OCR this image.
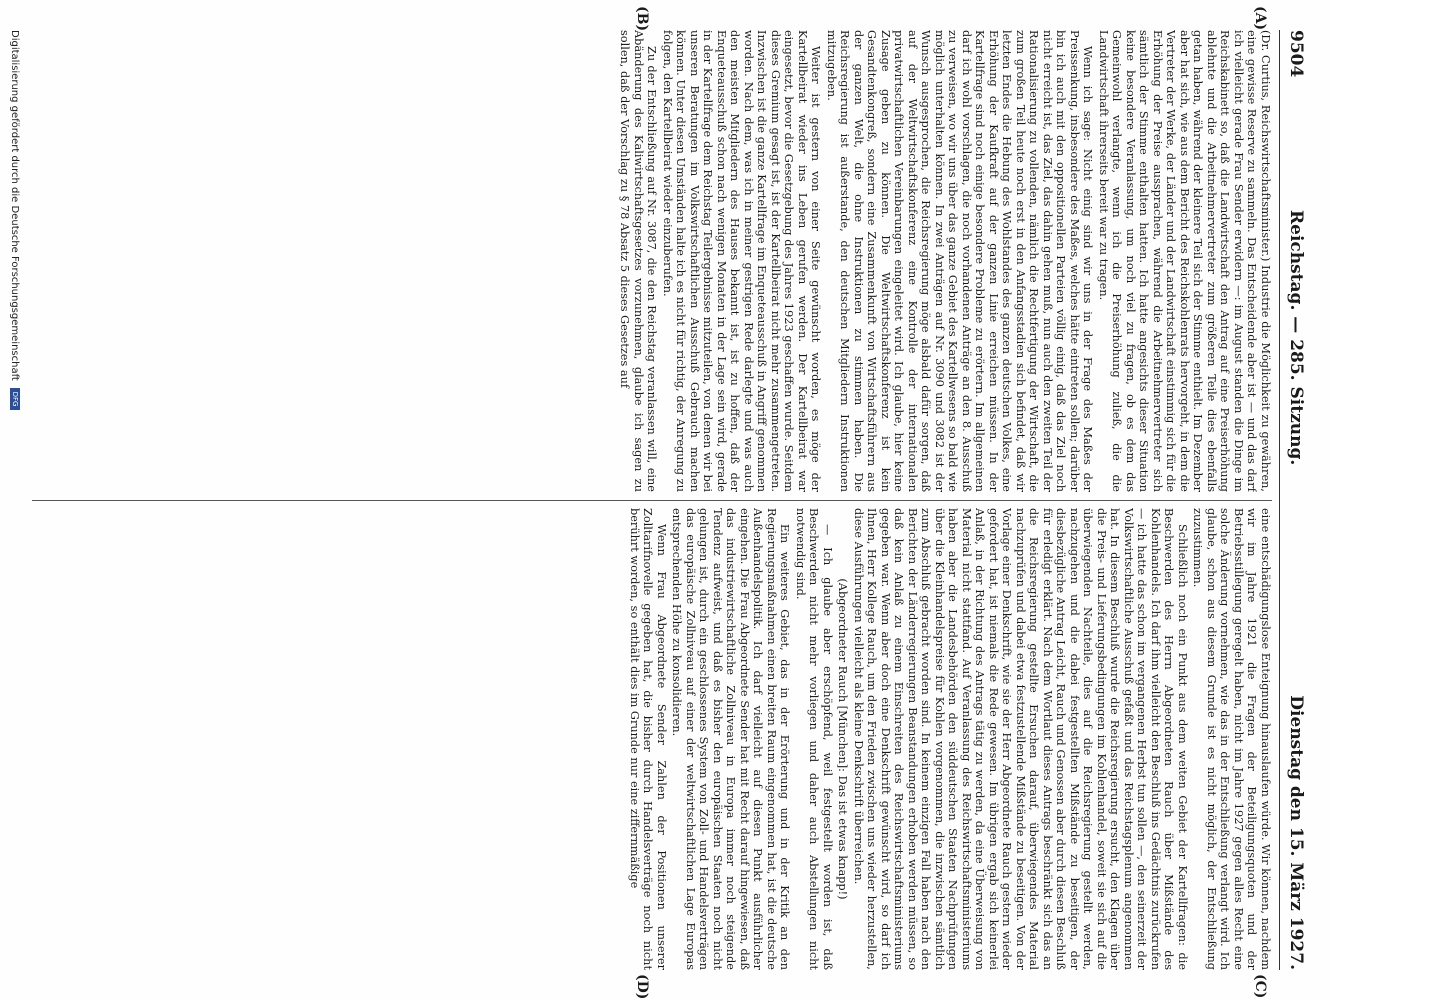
9504
Reichstag. — 285. Sitzung.
Dienstag den 15. März 1927.
(A)
(B)
(C)
(D)

(Dr. Curtius, Reichswirtschaftsminister.) Industrie die Möglichkeit zu gewähren, eine gewisse Reserve zu sammeln. Das Entscheidende aber ist — und das darf ich vielleicht gerade Frau Sender erwidern —: im August standen die Dinge im Reichskabinett so, daß die Landwirtschaft den Antrag auf eine Preiserhöhung ablehnte und die Arbeitnehmervertreter zum größeren Teile dies ebenfalls getan haben, während der kleinere Teil sich der Stimme enthielt. Im Dezember aber hat sich, wie aus dem Bericht des Reichskohlenrats hervorgeht, in dem die Vertreter der Werke, der Länder und der Landwirtschaft einstimmig sich für die Erhöhung der Preise aussprachen, während die Arbeitnehmervertreter sich sämtlich der Stimme enthalten hatten. Ich hatte angesichts dieser Situation keine besondere Veranlassung, um noch viel zu fragen, ob es dem das Gemeinwohl verlangte, wenn ich die Preiserhöhung zuließ, die die Landwirtschaft ihrerseits bereit war zu tragen.

Wenn ich sage: Nicht einig sind wir uns in der Frage des Maßes der Preissenkung, insbesondere des Maßes, welches hätte eintreten sollen; darüber bin ich auch mit den oppositionellen Parteien völlig einig, daß das Ziel noch nicht erreicht ist, das Ziel, das dahin gehen muß, nun auch den zweiten Teil der Rationalisierung zu vollenden, nämlich die Rechtfertigung der Wirtschaft, die zum großen Teil heute noch erst in den Anfangsstadien sich befindet, daß wir letzten Endes die Hebung des Wohlstandes des ganzen deutschen Volkes, eine Erhöhung der Kaufkraft auf der ganzen Linie erreichen müssen. In der Kartellfrage sind noch einige besondere Probleme zu erörtern. Im allgemeinen darf ich wohl vorschlagen, die noch vorhandenen Anträge an den 8. Ausschuß zu verweisen, wo wir uns über das ganze Gebiet des Kartellwesens so bald wie möglich unterhalten können. In zwei Anträgen auf Nr. 3090 und 3082 ist der Wunsch ausgesprochen, die Reichsregierung möge alsbald dafür sorgen, daß auf der Weltwirtschaftskonferenz eine Kontrolle der internationalen privatwirtschaftlichen Vereinbarungen eingeleitet wird. Ich glaube, hier keine Zusage geben zu können. Die Weltwirtschaftskonferenz ist kein Gesandtenkongreß, sondern eine Zusammenkunft von Wirtschaftsführern aus der ganzen Welt, die ohne Instruktionen zu stimmen haben. Die Reichsregierung ist außerstande, den deutschen Mitgliedern Instruktionen mitzugeben.

Weiter ist gestern von einer Seite gewünscht worden, es möge der Kartellbeirat wieder ins Leben gerufen werden. Der Kartellbeirat war eingesetzt, bevor die Gesetzgebung des Jahres 1923 geschaffen wurde. Seitdem dieses Gremium gesagt ist, ist der Kartellbeirat nicht mehr zusammengetreten. Inzwischen ist die ganze Kartellfrage im Enqueteausschuß in Angriff genommen worden. Nach dem, was ich in meiner gestrigen Rede darlegte und was auch den meisten Mitgliedern des Hauses bekannt ist, ist zu hoffen, daß der Enqueteausschuß schon nach wenigen Monaten in der Lage sein wird, gerade in der Kartellfrage dem Reichstag Teilergebnisse mitzuteilen, von denen wir bei unseren Beratungen im Volkswirtschaftlichen Ausschuß Gebrauch machen können. Unter diesen Umständen halte ich es nicht für richtig, der Anregung zu folgen, den Kartellbeirat wieder einzuberufen.

Zu der Entschließung auf Nr. 3087, die den Reichstag veranlassen will, eine Abänderung des Kaliwirtschaftsgesetzes vorzunehmen, glaube ich sagen zu sollen, daß der Vorschlag zu § 78 Absatz 5 dieses Gesetzes auf

eine entschädigungslose Enteignung hinauslaufen würde. Wir können, nachdem wir im Jahre 1921 die Fragen der Beteiligungsquoten und der Betriebsstillegung geregelt haben, nicht im Jahre 1927 gegen alles Recht eine solche Änderung vornehmen, wie das in der Entschließung verlangt wird. Ich glaube, schon aus diesem Grunde ist es nicht möglich, der Entschließung zuzustimmen.

Schließlich noch ein Punkt aus dem weiten Gebiet der Kartellfragen: die Beschwerden des Herrn Abgeordneten Rauch über Mißstände des Kohlenhandels. Ich darf ihm vielleicht den Beschluß ins Gedächtnis zurückrufen — ich hatte das schon im vergangenen Herbst tun sollen —, den seinerzeit der Volkswirtschaftliche Ausschuß gefaßt und das Reichstagsplenum angenommen hat. In diesem Beschluß wurde die Reichsregierung ersucht, den Klagen über die Preis- und Lieferungsbedingungen im Kohlenhandel, soweit sie sich auf die überwiegenden Nachteile, dies auf die Reichsregierung gestellt werden, nachzugehen und die dabei festgestellten Mißstände zu beseitigen, der diesbezügliche Antrag Leicht, Rauch und Genossen aber durch diesen Beschluß für erledigt erklärt. Nach dem Wortlaut dieses Antrags beschränkt sich das an die Reichsregierung gestellte Ersuchen darauf, überwiegendes Material nachzuprüfen und dabei etwa festzustellende Mißstände zu beseitigen. Von der Vorlage einer Denkschrift, wie sie der Herr Abgeordnete Rauch gestern wieder gefordert hat, ist niemals die Rede gewesen. Im übrigen ergab sich keinerlei Anlaß, in der Richtung des Antrags tätig zu werden, da eine Überweisung von Material nicht stattfand. Auf Veranlassung des Reichswirtschaftsministeriums haben aber die Landesbehörden den süddeutschen Staaten Nachprüfungen über die Kleinhandelspreise für Kohlen vorgenommen, die inzwischen sämtlich zum Abschluß gebracht worden sind. In keinem einzigen Fall haben nach den Berichten der Länderregierungen Beanstandungen erhoben werden müssen, so daß kein Anlaß zu einem Einschreiten des Reichswirtschaftsministeriums gegeben war. Wenn aber doch eine Denkschrift gewünscht wird, so darf ich Ihnen, Herr Kollege Rauch, um den Frieden zwischen uns wieder herzustellen, diese Ausführungen vielleicht als kleine Denkschrift überreichen.

(Abgeordneter Rauch [München]: Das ist etwas knapp!)

— Ich glaube aber erschöpfend, weil festgestellt worden ist, daß Beschwerden nicht mehr vorliegen und daher auch Abstellungen nicht notwendig sind.

Ein weiteres Gebiet, das in der Erörterung und in der Kritik an den Regierungsmaßnahmen einen breiten Raum eingenommen hat, ist die deutsche Außenhandelspolitik. Ich darf vielleicht auf diesen Punkt ausführlicher eingehen. Die Frau Abgeordnete Sender hat mit Recht darauf hingewiesen, daß das industriewirtschaftliche Zollniveau in Europa immer noch steigende Tendenz aufweist, und daß es bisher den europäischen Staaten noch nicht gelungen ist, durch ein geschlossenes System von Zoll- und Handelsverträgen das europäische Zollniveau auf einer der weltwirtschaftlichen Lage Europas entsprechenden Höhe zu konsolidieren.

Wenn Frau Abgeordnete Sender Zahlen der Positionen unserer Zolltarifnovelle gegeben hat, die bisher durch Handelsverträge noch nicht berührt worden, so enthält dies im Grunde nur eine ziffernmäßige

Digitalisierung gefördert durch die Deutsche Forschungsgemeinschaft DFG
